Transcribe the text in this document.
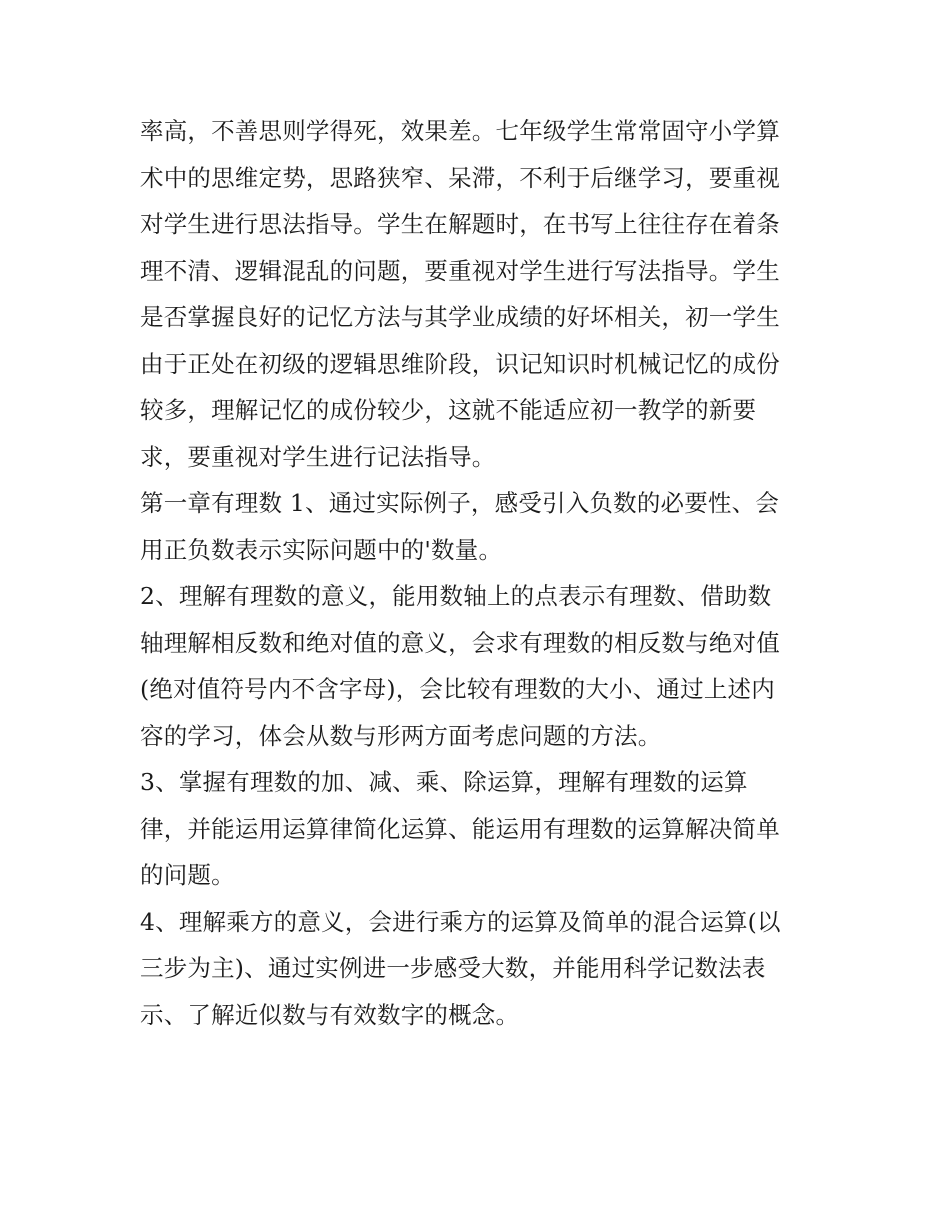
率高，不善思则学得死，效果差。七年级学生常常固守小学算
术中的思维定势，思路狭窄、呆滞，不利于后继学习，要重视
对学生进行思法指导。学生在解题时，在书写上往往存在着条
理不清、逻辑混乱的问题，要重视对学生进行写法指导。学生
是否掌握良好的记忆方法与其学业成绩的好坏相关，初一学生
由于正处在初级的逻辑思维阶段，识记知识时机械记忆的成份
较多，理解记忆的成份较少，这就不能适应初一教学的新要
求，要重视对学生进行记法指导。

第一章有理数 1、通过实际例子，感受引入负数的必要性、会
用正负数表示实际问题中的'数量。

2、理解有理数的意义，能用数轴上的点表示有理数、借助数
轴理解相反数和绝对值的意义，会求有理数的相反数与绝对值
(绝对值符号内不含字母)，会比较有理数的大小、通过上述内
容的学习，体会从数与形两方面考虑问题的方法。

3、掌握有理数的加、减、乘、除运算，理解有理数的运算
律，并能运用运算律简化运算、能运用有理数的运算解决简单
的问题。

4、理解乘方的意义，会进行乘方的运算及简单的混合运算(以
三步为主)、通过实例进一步感受大数，并能用科学记数法表
示、了解近似数与有效数字的概念。
